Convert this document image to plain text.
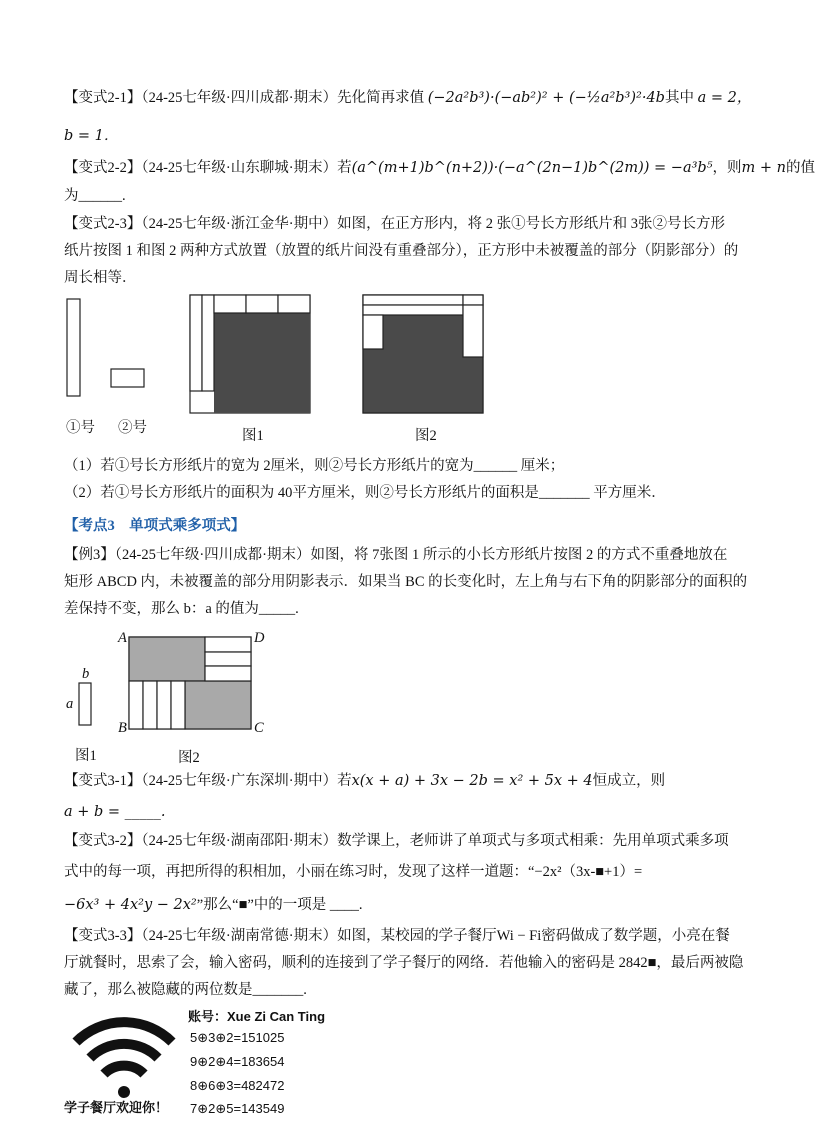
【变式2-1】（24-25七年级·四川成都·期末）先化简再求值 (−2a²b³)·(−ab²)² + (−½a²b³)²·4b其中 a = 2，
b = 1．
【变式2-2】（24-25七年级·山东聊城·期末）若(a^(m+1)b^(n+2))·(−a^(2n−1)b^(2m)) = −a³b⁵，则m + n的值
为______.
【变式2-3】（24-25七年级·浙江金华·期中）如图，在正方形内，将 2 张①号长方形纸片和 3张②号长方形
纸片按图 1 和图 2 两种方式放置（放置的纸片间没有重叠部分），正方形中未被覆盖的部分（阴影部分）的
周长相等．
①号 ②号	图1	图2
（1）若①号长方形纸片的宽为 2厘米，则②号长方形纸片的宽为______ 厘米；
（2）若①号长方形纸片的面积为 40平方厘米，则②号长方形纸片的面积是_______ 平方厘米．
【考点3　单项式乘多项式】
【例3】（24-25七年级·四川成都·期末）如图，将 7张图 1 所示的小长方形纸片按图 2 的方式不重叠地放在
矩形 ABCD 内，未被覆盖的部分用阴影表示．如果当 BC 的长变化时，左上角与右下角的阴影部分的面积的
差保持不变，那么 b：a 的值为_____.
b
a
图1
A	D
B	C
图2
【变式3-1】（24-25七年级·广东深圳·期中）若x(x + a) + 3x − 2b = x² + 5x + 4恒成立，则
a + b = _____.
【变式3-2】（24-25七年级·湖南邵阳·期末）数学课上，老师讲了单项式与多项式相乘：先用单项式乘多项
式中的每一项，再把所得的积相加，小丽在练习时，发现了这样一道题：“−2x²（3x-■+1）=
−6x³ + 4x²y − 2x²”那么“■”中的一项是 ____.
【变式3-3】（24-25七年级·湖南常德·期末）如图，某校园的学子餐厅Wi − Fi密码做成了数学题，小亮在餐
厅就餐时，思索了会，输入密码，顺利的连接到了学子餐厅的网络．若他输入的密码是 2842■，最后两被隐
藏了，那么被隐藏的两位数是_______.
学子餐厅欢迎你！
账号：Xue Zi Can Ting
5⊕3⊕2=151025
9⊕2⊕4=183654
8⊕6⊕3=482472
7⊕2⊕5=143549
